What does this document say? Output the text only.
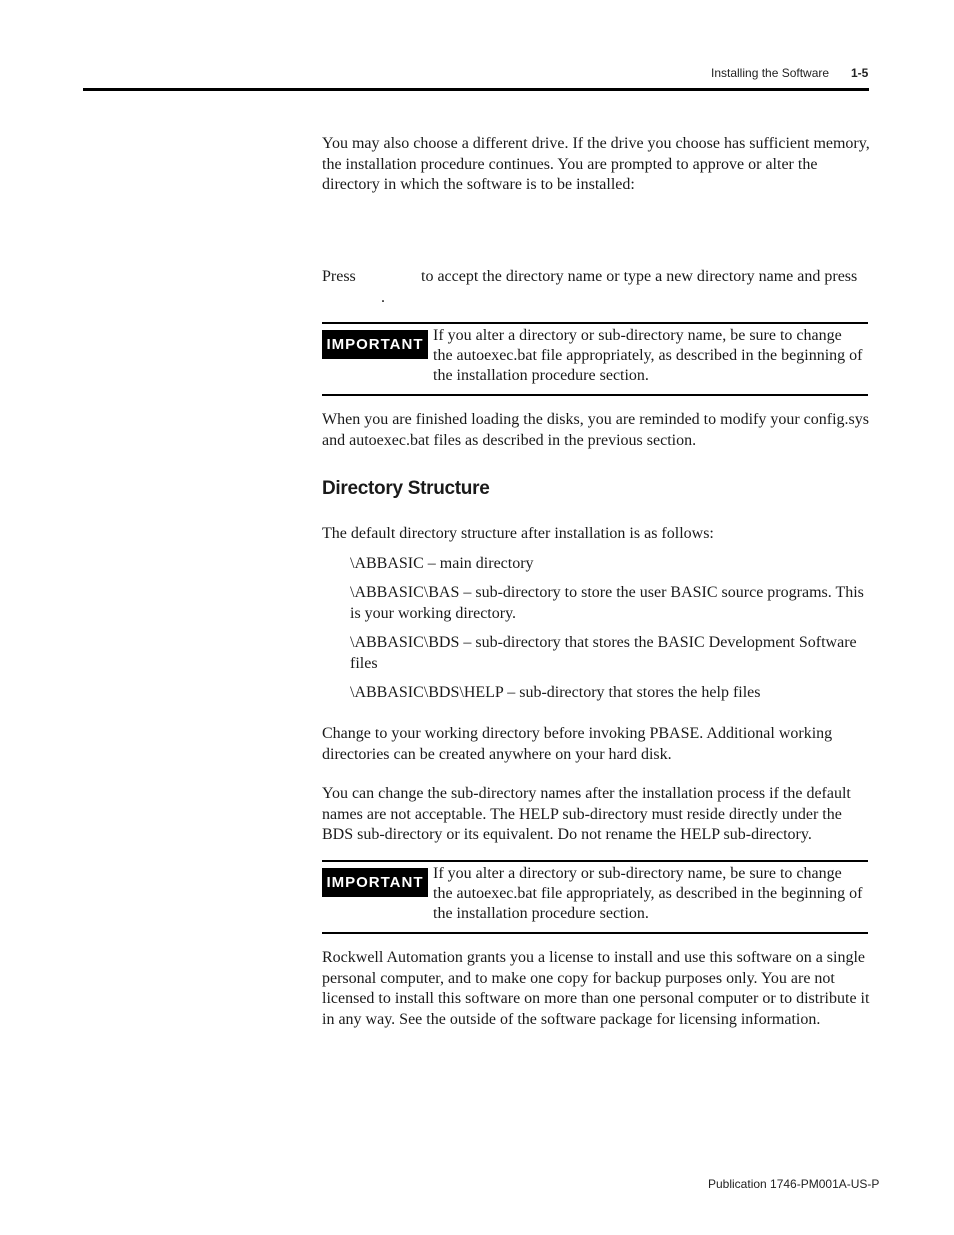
Installing the Software 1-5

You may also choose a different drive. If the drive you choose has sufficient memory, the installation procedure continues. You are prompted to approve or alter the directory in which the software is to be installed:

Press	to accept the directory name or type a new directory name and press
.
IMPORTANT

If you alter a directory or sub-directory name, be sure to change the autoexec.bat file appropriately, as described in the beginning of the installation procedure section.

When you are finished loading the disks, you are reminded to modify your config.sys and autoexec.bat files as described in the previous section.

Directory Structure

The default directory structure after installation is as follows:

\ABBASIC – main directory

\ABBASIC\BAS – sub-directory to store the user BASIC source programs. This is your working directory.

\ABBASIC\BDS – sub-directory that stores the BASIC Development Software files

\ABBASIC\BDS\HELP – sub-directory that stores the help files

Change to your working directory before invoking PBASE. Additional working directories can be created anywhere on your hard disk.

You can change the sub-directory names after the installation process if the default names are not acceptable. The HELP sub-directory must reside directly under the BDS sub-directory or its equivalent. Do not rename the HELP sub-directory.

IMPORTANT

If you alter a directory or sub-directory name, be sure to change the autoexec.bat file appropriately, as described in the beginning of the installation procedure section.

Rockwell Automation grants you a license to install and use this software on a single personal computer, and to make one copy for backup purposes only. You are not licensed to install this software on more than one personal computer or to distribute it in any way. See the outside of the software package for licensing information.

Publication 1746-PM001A-US-P
